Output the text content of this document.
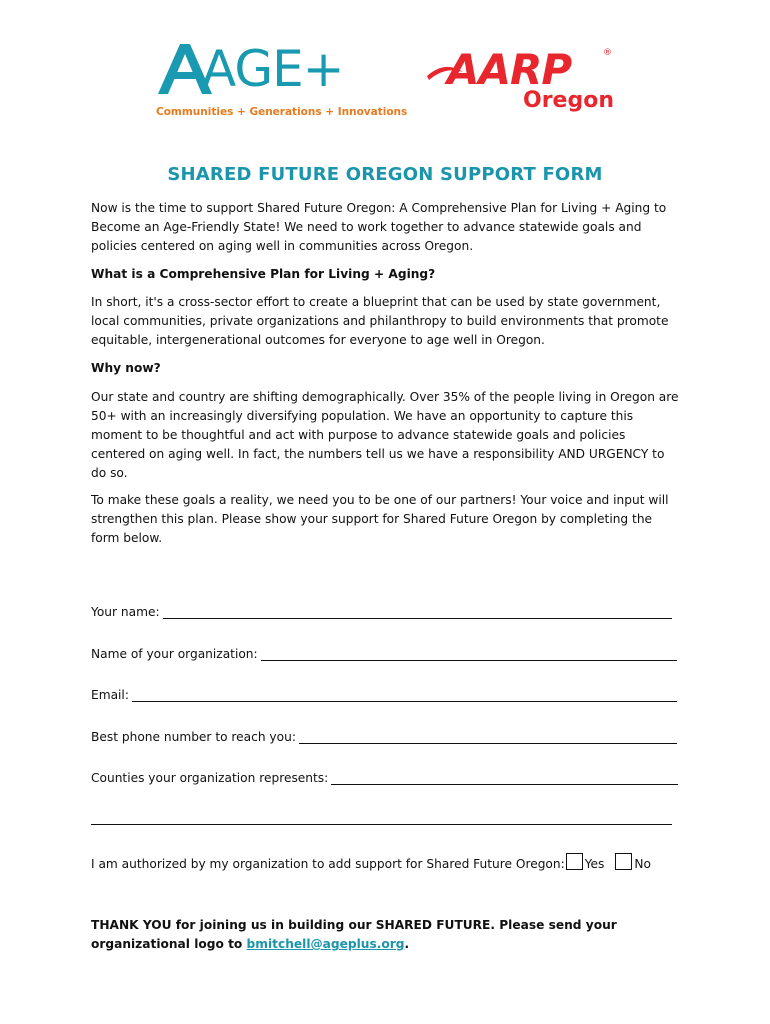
AGE+
Communities + Generations + Innovations
AARP	®
Oregon
SHARED FUTURE OREGON SUPPORT FORM

Now is the time to support Shared Future Oregon: A Comprehensive Plan for Living + Aging to Become an Age-Friendly State! We need to work together to advance statewide goals and policies centered on aging well in communities across Oregon.

What is a Comprehensive Plan for Living + Aging?

In short, it's a cross-sector effort to create a blueprint that can be used by state government, local communities, private organizations and philanthropy to build environments that promote equitable, intergenerational outcomes for everyone to age well in Oregon.

Why now?

Our state and country are shifting demographically. Over 35% of the people living in Oregon are 50+ with an increasingly diversifying population. We have an opportunity to capture this moment to be thoughtful and act with purpose to advance statewide goals and policies centered on aging well. In fact, the numbers tell us we have a responsibility AND URGENCY to do so.

To make these goals a reality, we need you to be one of our partners! Your voice and input will strengthen this plan. Please show your support for Shared Future Oregon by completing the form below.

Your name:
Name of your organization:
Email:
Best phone number to reach you:
Counties your organization represents:
I am authorized by my organization to add support for Shared Future Oregon: Yes No
THANK YOU for joining us in building our SHARED FUTURE. Please send your organizational logo to bmitchell@ageplus.org.
